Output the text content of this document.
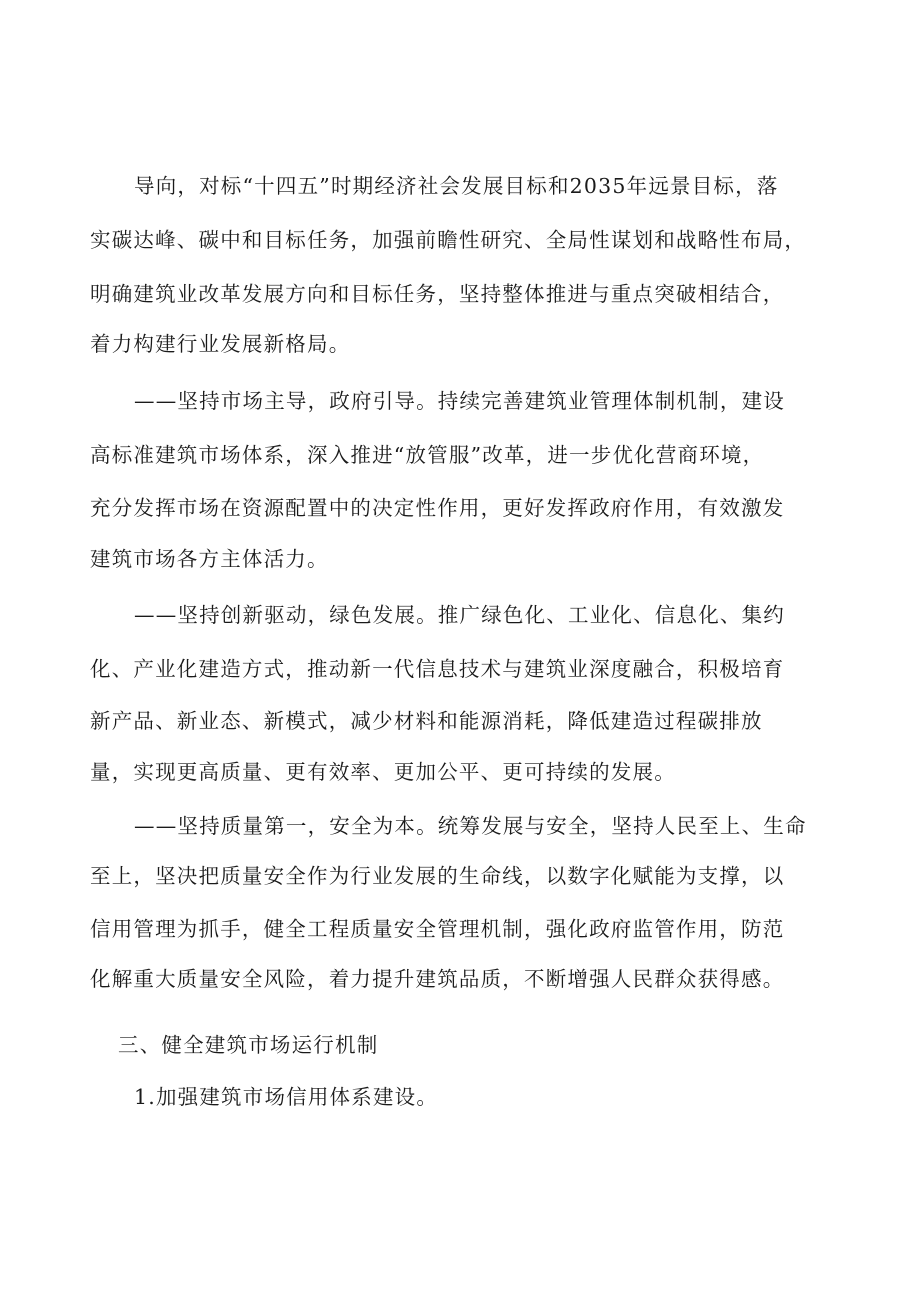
导向，对标“十四五”时期经济社会发展目标和2035年远景目标，落
实碳达峰、碳中和目标任务，加强前瞻性研究、全局性谋划和战略性布局，
明确建筑业改革发展方向和目标任务，坚持整体推进与重点突破相结合，
着力构建行业发展新格局。
——坚持市场主导，政府引导。持续完善建筑业管理体制机制，建设
高标准建筑市场体系，深入推进“放管服”改革，进一步优化营商环境，
充分发挥市场在资源配置中的决定性作用，更好发挥政府作用，有效激发
建筑市场各方主体活力。
——坚持创新驱动，绿色发展。推广绿色化、工业化、信息化、集约
化、产业化建造方式，推动新一代信息技术与建筑业深度融合，积极培育
新产品、新业态、新模式，减少材料和能源消耗，降低建造过程碳排放
量，实现更高质量、更有效率、更加公平、更可持续的发展。
——坚持质量第一，安全为本。统筹发展与安全，坚持人民至上、生命
至上，坚决把质量安全作为行业发展的生命线，以数字化赋能为支撑，以
信用管理为抓手，健全工程质量安全管理机制，强化政府监管作用，防范
化解重大质量安全风险，着力提升建筑品质，不断增强人民群众获得感。
三、健全建筑市场运行机制
1.加强建筑市场信用体系建设。
